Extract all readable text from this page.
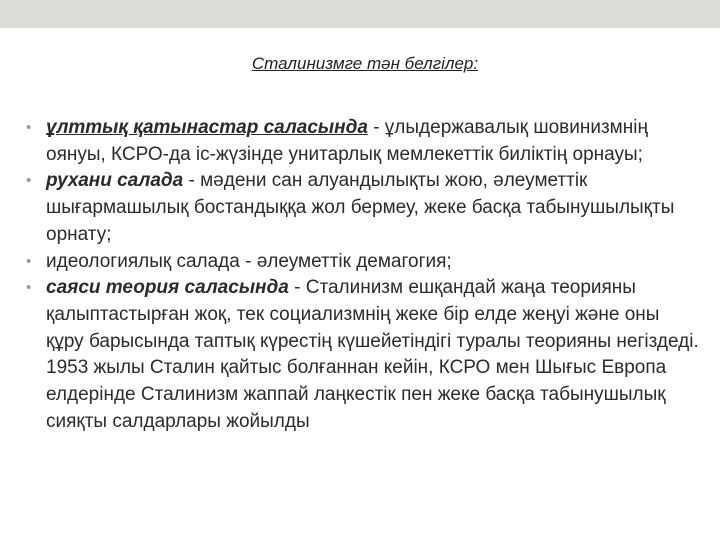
Сталинизмге тән белгілер:
• ұлттық қатынастар саласында - ұлыдержавалық шовинизмнің оянуы, КСРО-да іс-жүзінде унитарлық мемлекеттік биліктің орнауы;
• рухани салада - мәдени сан алуандылықты жою, әлеуметтік шығармашылық бостандыққа жол бермеу, жеке басқа табынушылықты орнату;
• идеологиялық салада - әлеуметтік демагогия;
• саяси теория саласында - Сталинизм ешқандай жаңа теорияны қалыптастырған жоқ, тек социализмнің жеке бір елде жеңуі және оны құру барысында таптық күрестің күшейетіндігі туралы теорияны негіздеді. 1953 жылы Сталин қайтыс болғаннан кейін, КСРО мен Шығыс Европа елдерінде Сталинизм жаппай лаңкестік пен жеке басқа табынушылық сияқты салдарлары жойылды
